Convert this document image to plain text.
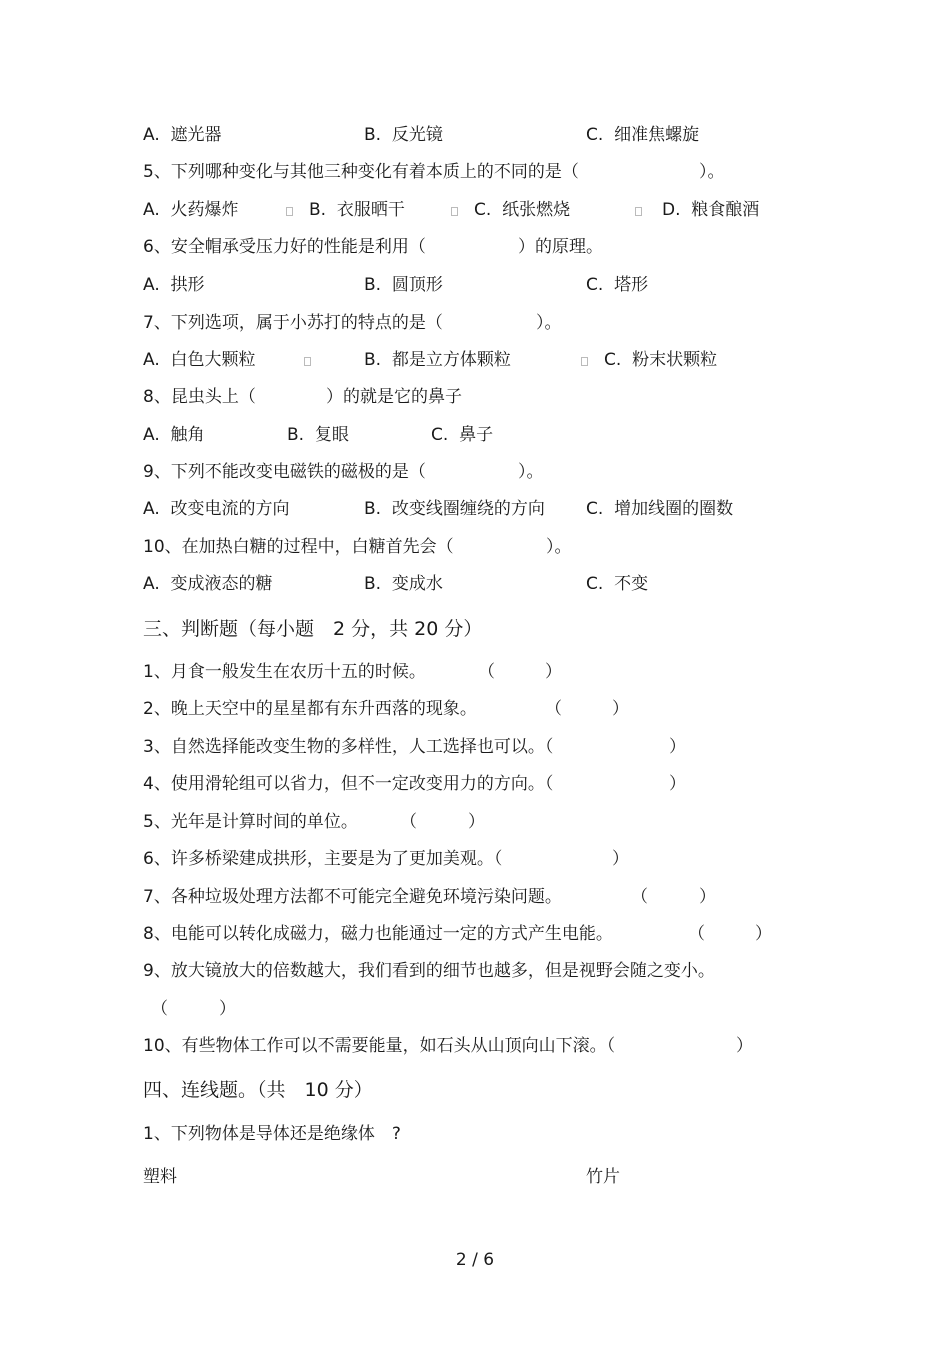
A.  遮光器

	B.  反光镜

	C.  细准焦螺旋

5、下列哪种变化与其他三种变化有着本质上的不同的是（

	）。

A.  火药爆炸

	B.  衣服晒干

	C.  纸张燃烧

	D.  粮食酿酒

6、安全帽承受压力好的性能是利用（

	）的原理。

A.  拱形

	B.  圆顶形

	C.  塔形

7、下列选项，属于小苏打的特点的是（

	）。

A.  白色大颗粒

	B.  都是立方体颗粒

	C.  粉末状颗粒

8、昆虫头上（

	）的就是它的鼻子

A.  触角

	B.  复眼

	C.  鼻子

9、下列不能改变电磁铁的磁极的是（

	）。

A.  改变电流的方向

	B.  改变线圈缠绕的方向

C.  增加线圈的圈数

10、在加热白糖的过程中，白糖首先会（

	）。

A.  变成液态的糖

	B.  变成水

	C.  不变

三、判断题（每小题　2 分，共 20 分）

1、月食一般发生在农历十五的时候。

	（

	）

2、晚上天空中的星星都有东升西落的现象。

	（

	）

3、自然选择能改变生物的多样性，人工选择也可以。（

	）

4、使用滑轮组可以省力，但不一定改变用力的方向。（

	）

5、光年是计算时间的单位。

（

	）

6、许多桥梁建成拱形，主要是为了更加美观。（

	）

7、各种垃圾处理方法都不可能完全避免环境污染问题。

	（

	）

8、电能可以转化成磁力，磁力也能通过一定的方式产生电能。

	（

	）

9、放大镜放大的倍数越大，我们看到的细节也越多，但是视野会随之变小。

（

	）

10、有些物体工作可以不需要能量，如石头从山顶向山下滚。（

	）

四、连线题。（共　10 分）
1、下列物体是导体还是绝缘体　?

塑料

	竹片

2 / 6
